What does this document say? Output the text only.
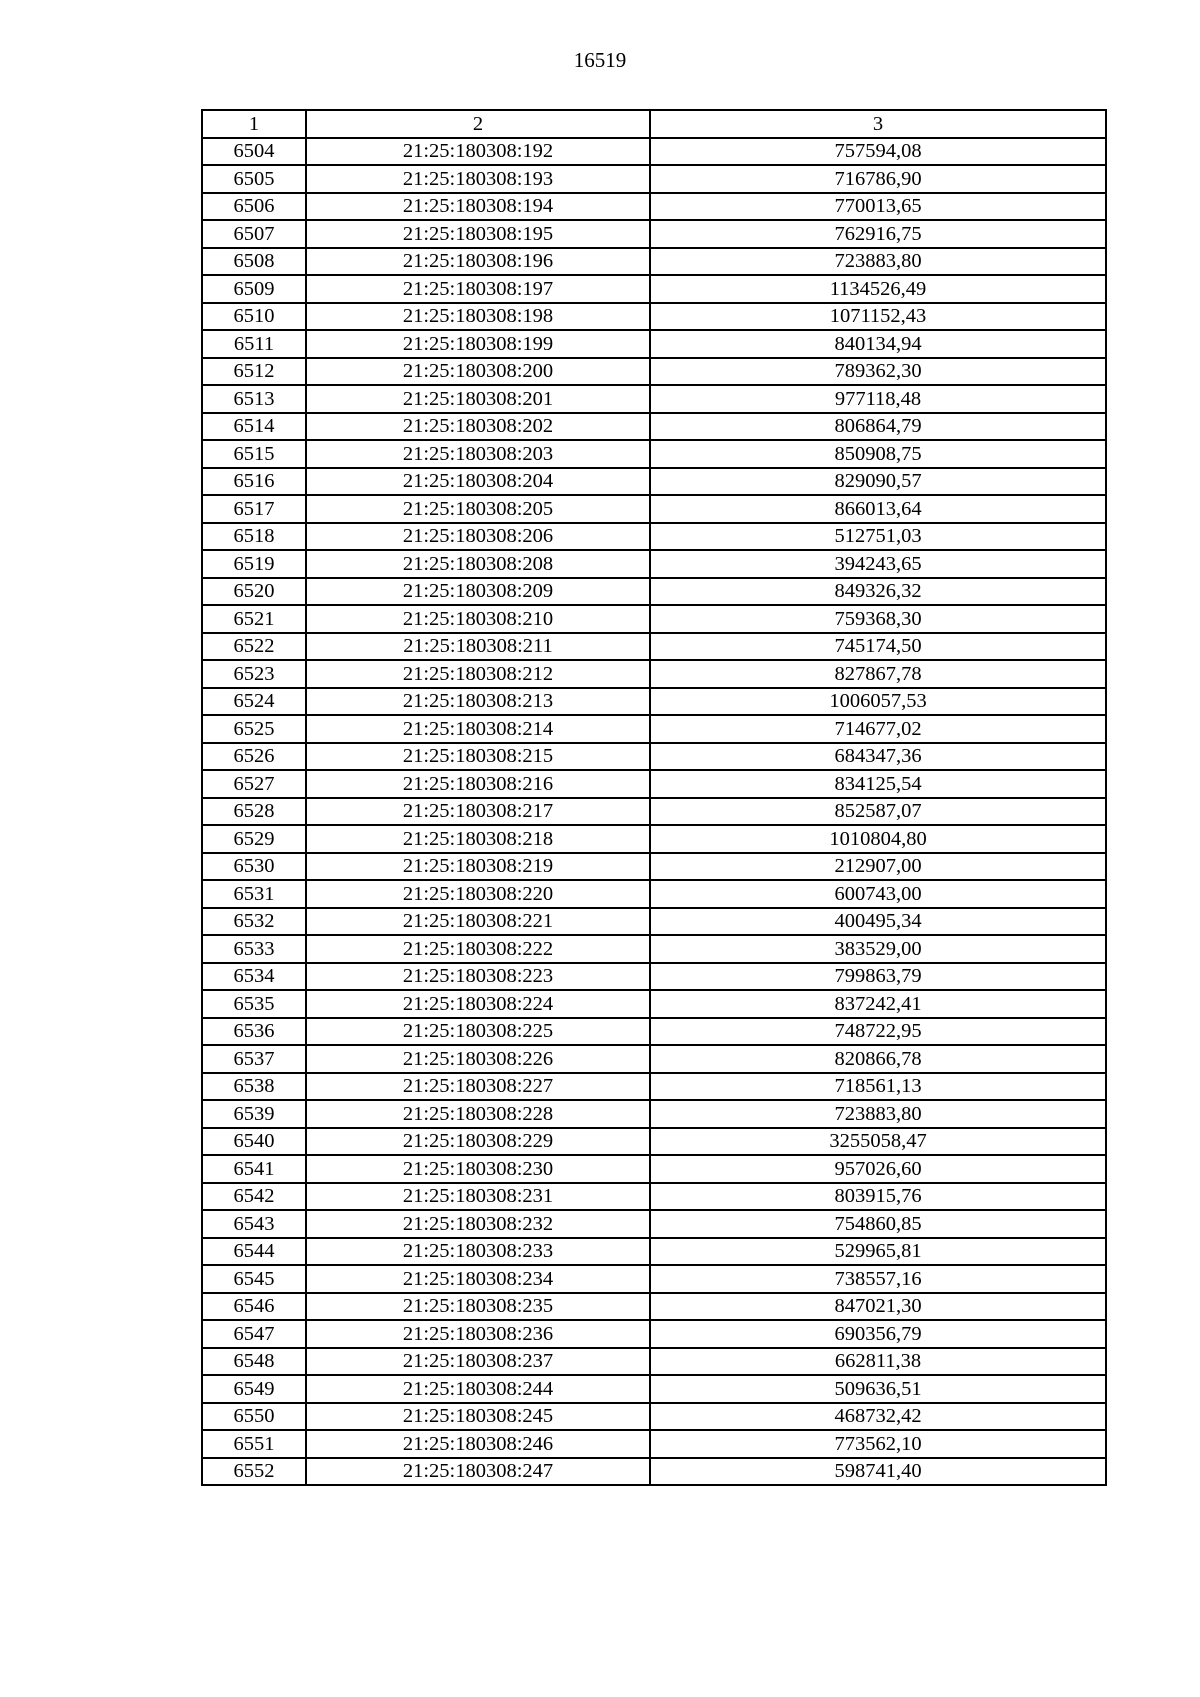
16519
1	2	3
6504	21:25:180308:192	757594,08
6505	21:25:180308:193	716786,90
6506	21:25:180308:194	770013,65
6507	21:25:180308:195	762916,75
6508	21:25:180308:196	723883,80
6509	21:25:180308:197	1134526,49
6510	21:25:180308:198	1071152,43
6511	21:25:180308:199	840134,94
6512	21:25:180308:200	789362,30
6513	21:25:180308:201	977118,48
6514	21:25:180308:202	806864,79
6515	21:25:180308:203	850908,75
6516	21:25:180308:204	829090,57
6517	21:25:180308:205	866013,64
6518	21:25:180308:206	512751,03
6519	21:25:180308:208	394243,65
6520	21:25:180308:209	849326,32
6521	21:25:180308:210	759368,30
6522	21:25:180308:211	745174,50
6523	21:25:180308:212	827867,78
6524	21:25:180308:213	1006057,53
6525	21:25:180308:214	714677,02
6526	21:25:180308:215	684347,36
6527	21:25:180308:216	834125,54
6528	21:25:180308:217	852587,07
6529	21:25:180308:218	1010804,80
6530	21:25:180308:219	212907,00
6531	21:25:180308:220	600743,00
6532	21:25:180308:221	400495,34
6533	21:25:180308:222	383529,00
6534	21:25:180308:223	799863,79
6535	21:25:180308:224	837242,41
6536	21:25:180308:225	748722,95
6537	21:25:180308:226	820866,78
6538	21:25:180308:227	718561,13
6539	21:25:180308:228	723883,80
6540	21:25:180308:229	3255058,47
6541	21:25:180308:230	957026,60
6542	21:25:180308:231	803915,76
6543	21:25:180308:232	754860,85
6544	21:25:180308:233	529965,81
6545	21:25:180308:234	738557,16
6546	21:25:180308:235	847021,30
6547	21:25:180308:236	690356,79
6548	21:25:180308:237	662811,38
6549	21:25:180308:244	509636,51
6550	21:25:180308:245	468732,42
6551	21:25:180308:246	773562,10
6552	21:25:180308:247	598741,40
